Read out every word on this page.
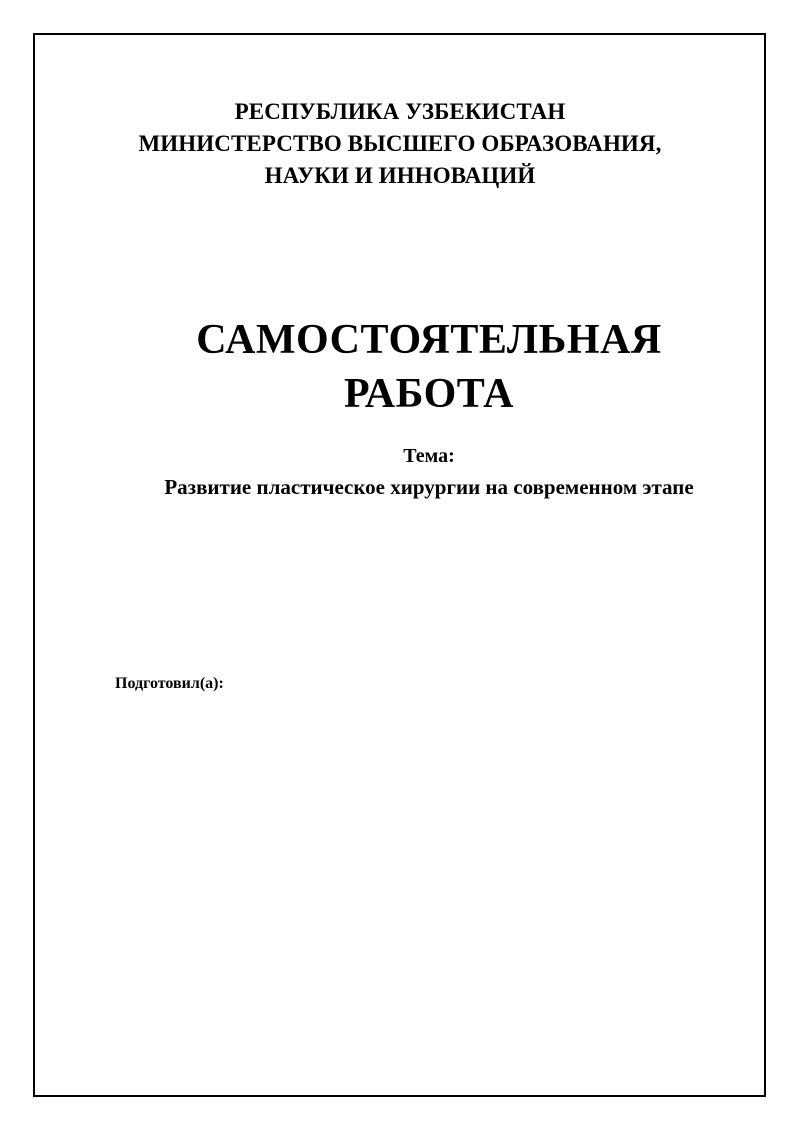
РЕСПУБЛИКА УЗБЕКИСТАН
МИНИСТЕРСТВО ВЫСШЕГО ОБРАЗОВАНИЯ,
НАУКИ И ИННОВАЦИЙ
САМОСТОЯТЕЛЬНАЯ
РАБОТА
Тема:
Развитие пластическое хирургии на современном этапе
Подготовил(а):
